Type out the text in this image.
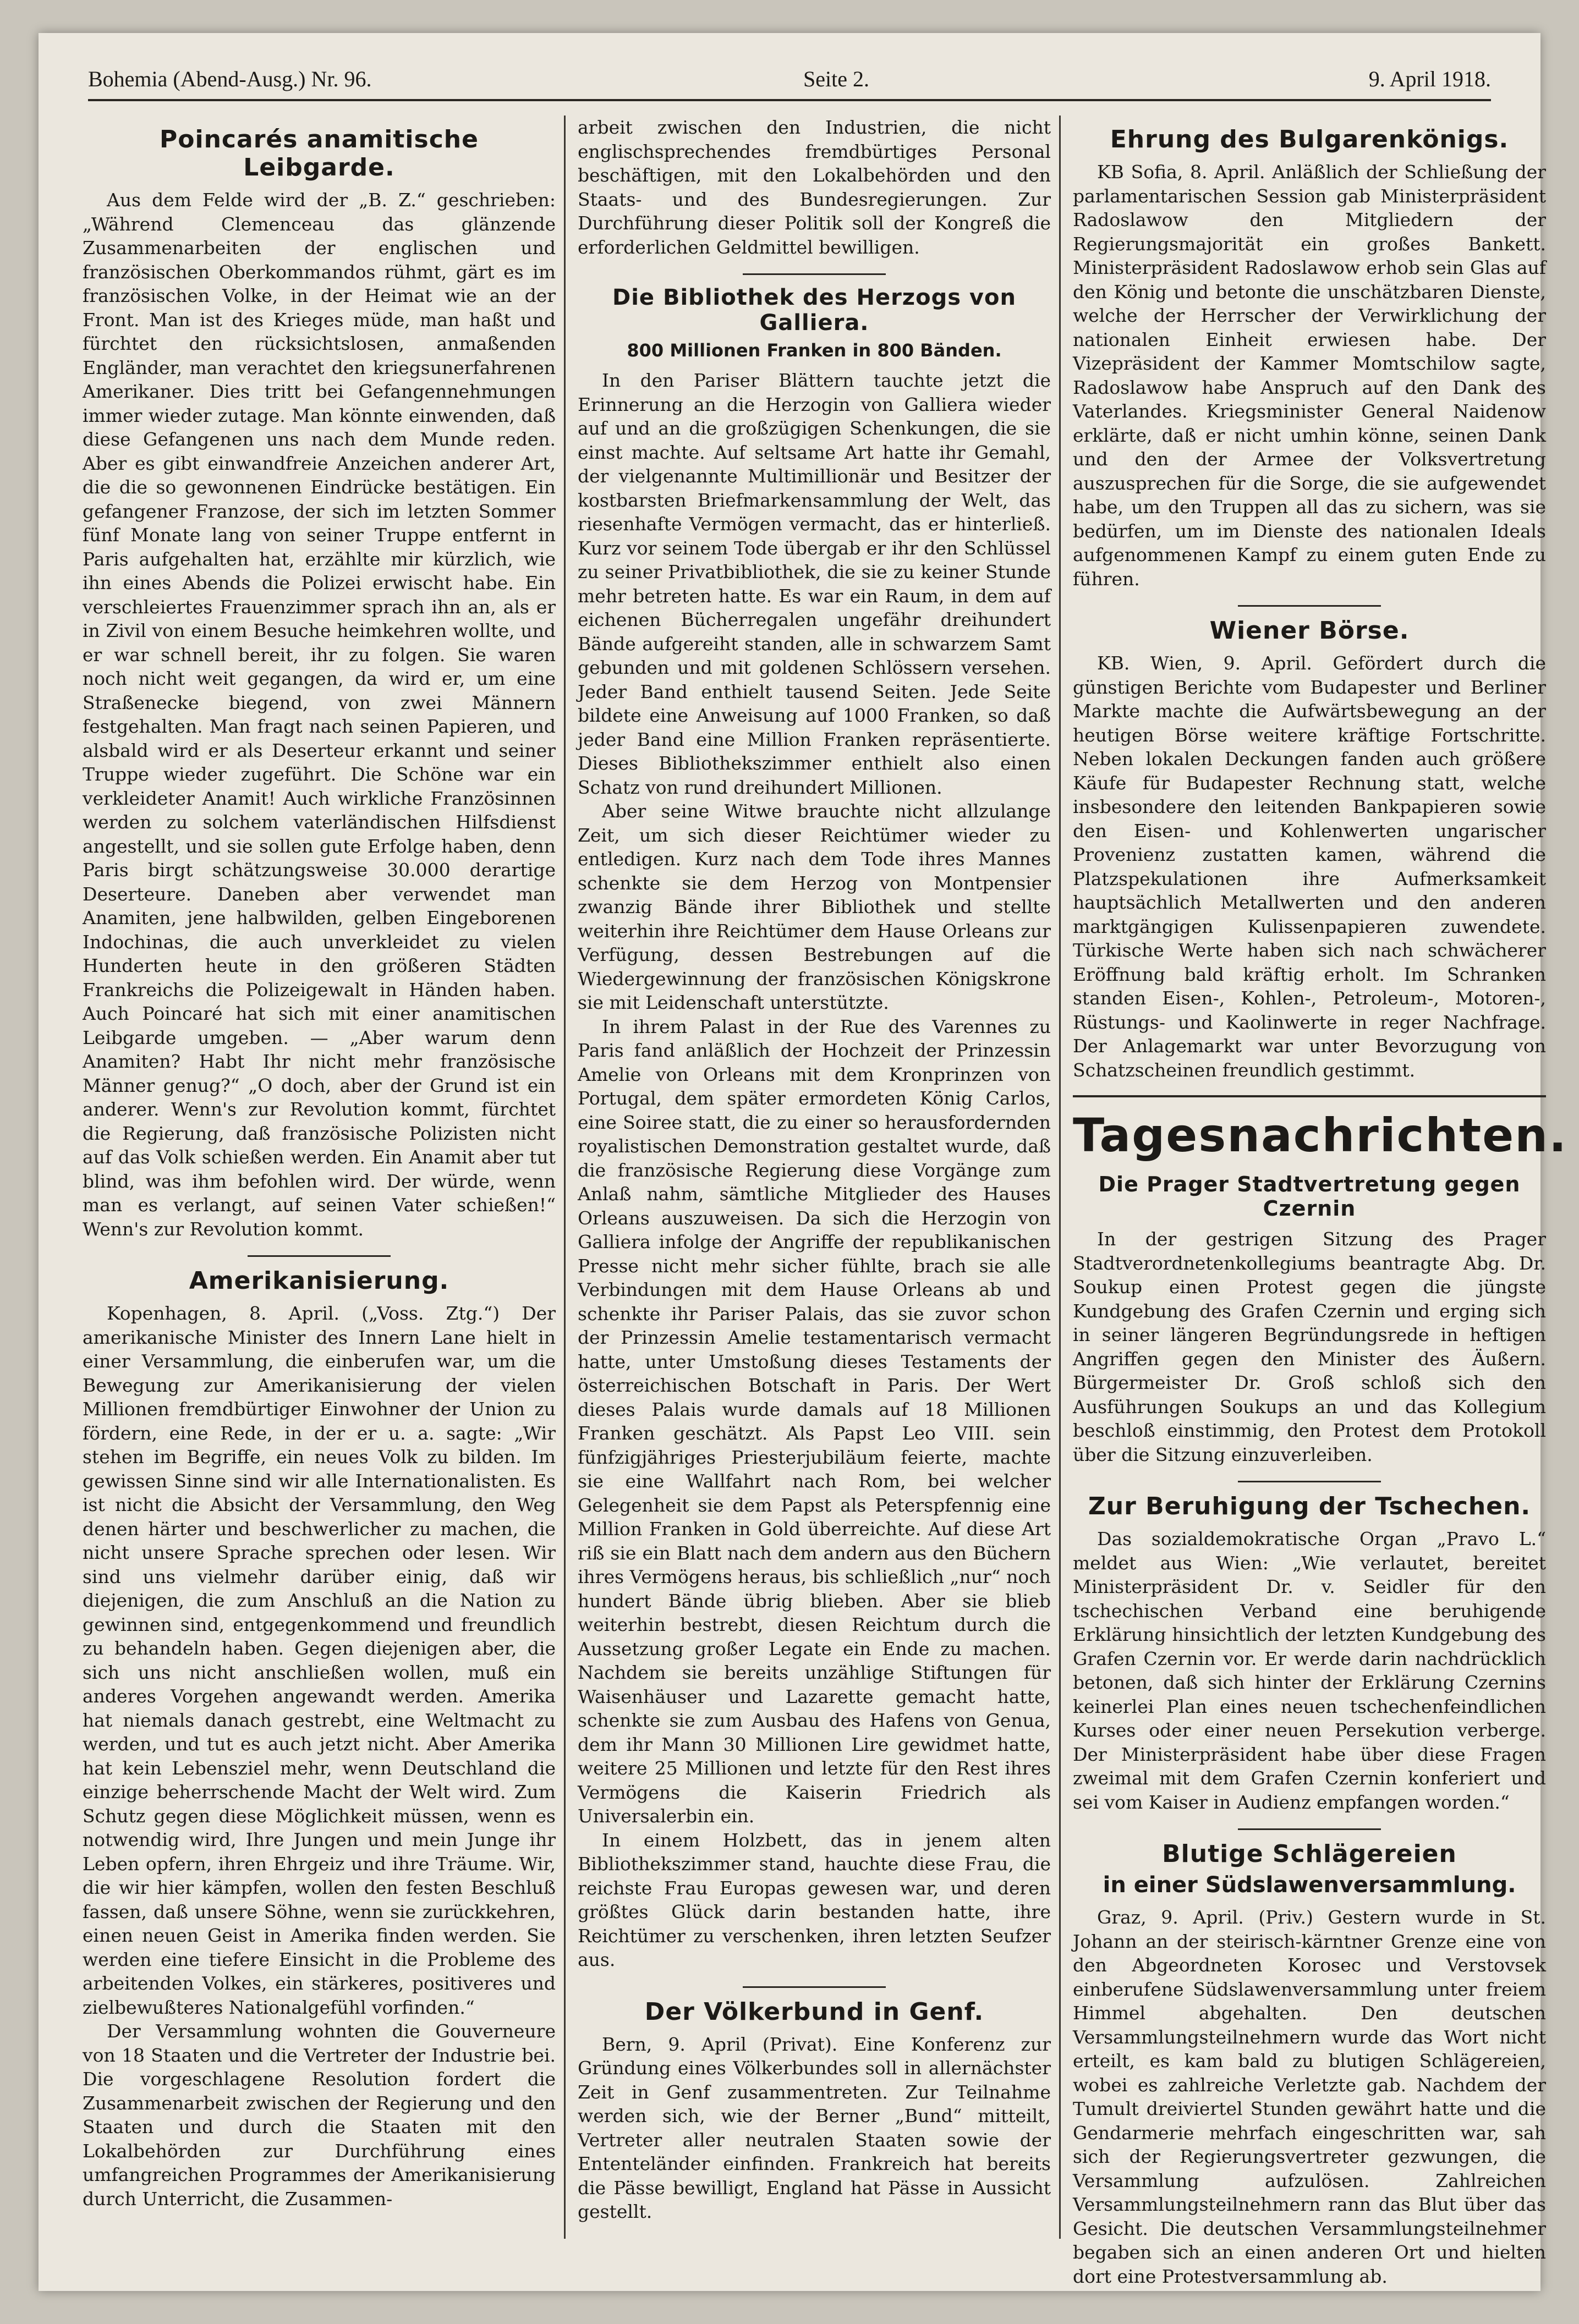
Bohemia (Abend-Ausg.) Nr. 96.	Seite 2.	9. April 1918.
Poincarés anamitische Leibgarde.

Aus dem Felde wird der „B. Z.“ geschrieben: „Während Clemenceau das glänzende Zusammenarbeiten der englischen und französischen Oberkommandos rühmt, gärt es im französischen Volke, in der Heimat wie an der Front. Man ist des Krieges müde, man haßt und fürchtet den rücksichtslosen, anmaßenden Engländer, man verachtet den kriegsunerfahrenen Amerikaner. Dies tritt bei Gefangennehmungen immer wieder zutage. Man könnte einwenden, daß diese Gefangenen uns nach dem Munde reden. Aber es gibt einwandfreie Anzeichen anderer Art, die die so gewonnenen Eindrücke bestätigen. Ein gefangener Franzose, der sich im letzten Sommer fünf Monate lang von seiner Truppe entfernt in Paris aufgehalten hat, erzählte mir kürzlich, wie ihn eines Abends die Polizei erwischt habe. Ein verschleiertes Frauenzimmer sprach ihn an, als er in Zivil von einem Besuche heimkehren wollte, und er war schnell bereit, ihr zu folgen. Sie waren noch nicht weit gegangen, da wird er, um eine Straßenecke biegend, von zwei Männern festgehalten. Man fragt nach seinen Papieren, und alsbald wird er als Deserteur erkannt und seiner Truppe wieder zugeführt. Die Schöne war ein verkleideter Anamit! Auch wirkliche Französinnen werden zu solchem vaterländischen Hilfsdienst angestellt, und sie sollen gute Erfolge haben, denn Paris birgt schätzungsweise 30.000 derartige Deserteure. Daneben aber verwendet man Anamiten, jene halbwilden, gelben Eingeborenen Indochinas, die auch unverkleidet zu vielen Hunderten heute in den größeren Städten Frankreichs die Polizeigewalt in Händen haben. Auch Poincaré hat sich mit einer anamitischen Leibgarde umgeben. — „Aber warum denn Anamiten? Habt Ihr nicht mehr französische Männer genug?“ „O doch, aber der Grund ist ein anderer. Wenn's zur Revolution kommt, fürchtet die Regierung, daß französische Polizisten nicht auf das Volk schießen werden. Ein Anamit aber tut blind, was ihm befohlen wird. Der würde, wenn man es verlangt, auf seinen Vater schießen!“ Wenn's zur Revolution kommt.

Amerikanisierung.

Kopenhagen, 8. April. („Voss. Ztg.“) Der amerikanische Minister des Innern Lane hielt in einer Versammlung, die einberufen war, um die Bewegung zur Amerikanisierung der vielen Millionen fremdbürtiger Einwohner der Union zu fördern, eine Rede, in der er u. a. sagte: „Wir stehen im Begriffe, ein neues Volk zu bilden. Im gewissen Sinne sind wir alle Internationalisten. Es ist nicht die Absicht der Versammlung, den Weg denen härter und beschwerlicher zu machen, die nicht unsere Sprache sprechen oder lesen. Wir sind uns vielmehr darüber einig, daß wir diejenigen, die zum Anschluß an die Nation zu gewinnen sind, entgegenkommend und freundlich zu behandeln haben. Gegen diejenigen aber, die sich uns nicht anschließen wollen, muß ein anderes Vorgehen angewandt werden. Amerika hat niemals danach gestrebt, eine Weltmacht zu werden, und tut es auch jetzt nicht. Aber Amerika hat kein Lebensziel mehr, wenn Deutschland die einzige beherrschende Macht der Welt wird. Zum Schutz gegen diese Möglichkeit müssen, wenn es notwendig wird, Ihre Jungen und mein Junge ihr Leben opfern, ihren Ehrgeiz und ihre Träume. Wir, die wir hier kämpfen, wollen den festen Beschluß fassen, daß unsere Söhne, wenn sie zurückkehren, einen neuen Geist in Amerika finden werden. Sie werden eine tiefere Einsicht in die Probleme des arbeitenden Volkes, ein stärkeres, positiveres und zielbewußteres Nationalgefühl vorfinden.“

Der Versammlung wohnten die Gouverneure von 18 Staaten und die Vertreter der Industrie bei. Die vorgeschlagene Resolution fordert die Zusammenarbeit zwischen der Regierung und den Staaten und durch die Staaten mit den Lokalbehörden zur Durchführung eines umfangreichen Programmes der Amerikanisierung durch Unterricht, die Zusammen-

arbeit zwischen den Industrien, die nicht englischsprechendes fremdbürtiges Personal beschäftigen, mit den Lokalbehörden und den Staats- und des Bundesregierungen. Zur Durchführung dieser Politik soll der Kongreß die erforderlichen Geldmittel bewilligen.

Die Bibliothek des Herzogs von Galliera.
800 Millionen Franken in 800 Bänden.

In den Pariser Blättern tauchte jetzt die Erinnerung an die Herzogin von Galliera wieder auf und an die großzügigen Schenkungen, die sie einst machte. Auf seltsame Art hatte ihr Gemahl, der vielgenannte Multimillionär und Besitzer der kostbarsten Briefmarkensammlung der Welt, das riesenhafte Vermögen vermacht, das er hinterließ. Kurz vor seinem Tode übergab er ihr den Schlüssel zu seiner Privatbibliothek, die sie zu keiner Stunde mehr betreten hatte. Es war ein Raum, in dem auf eichenen Bücherregalen ungefähr dreihundert Bände aufgereiht standen, alle in schwarzem Samt gebunden und mit goldenen Schlössern versehen. Jeder Band enthielt tausend Seiten. Jede Seite bildete eine Anweisung auf 1000 Franken, so daß jeder Band eine Million Franken repräsentierte. Dieses Bibliothekszimmer enthielt also einen Schatz von rund dreihundert Millionen.

Aber seine Witwe brauchte nicht allzulange Zeit, um sich dieser Reichtümer wieder zu entledigen. Kurz nach dem Tode ihres Mannes schenkte sie dem Herzog von Montpensier zwanzig Bände ihrer Bibliothek und stellte weiterhin ihre Reichtümer dem Hause Orleans zur Verfügung, dessen Bestrebungen auf die Wiedergewinnung der französischen Königskrone sie mit Leidenschaft unterstützte.

In ihrem Palast in der Rue des Varennes zu Paris fand anläßlich der Hochzeit der Prinzessin Amelie von Orleans mit dem Kronprinzen von Portugal, dem später ermordeten König Carlos, eine Soiree statt, die zu einer so herausfordernden royalistischen Demonstration gestaltet wurde, daß die französische Regierung diese Vorgänge zum Anlaß nahm, sämtliche Mitglieder des Hauses Orleans auszuweisen. Da sich die Herzogin von Galliera infolge der Angriffe der republikanischen Presse nicht mehr sicher fühlte, brach sie alle Verbindungen mit dem Hause Orleans ab und schenkte ihr Pariser Palais, das sie zuvor schon der Prinzessin Amelie testamentarisch vermacht hatte, unter Umstoßung dieses Testaments der österreichischen Botschaft in Paris. Der Wert dieses Palais wurde damals auf 18 Millionen Franken geschätzt. Als Papst Leo VIII. sein fünfzigjähriges Priesterjubiläum feierte, machte sie eine Wallfahrt nach Rom, bei welcher Gelegenheit sie dem Papst als Peterspfennig eine Million Franken in Gold überreichte. Auf diese Art riß sie ein Blatt nach dem andern aus den Büchern ihres Vermögens heraus, bis schließlich „nur“ noch hundert Bände übrig blieben. Aber sie blieb weiterhin bestrebt, diesen Reichtum durch die Aussetzung großer Legate ein Ende zu machen. Nachdem sie bereits unzählige Stiftungen für Waisenhäuser und Lazarette gemacht hatte, schenkte sie zum Ausbau des Hafens von Genua, dem ihr Mann 30 Millionen Lire gewidmet hatte, weitere 25 Millionen und letzte für den Rest ihres Vermögens die Kaiserin Friedrich als Universalerbin ein.

In einem Holzbett, das in jenem alten Bibliothekszimmer stand, hauchte diese Frau, die reichste Frau Europas gewesen war, und deren größtes Glück darin bestanden hatte, ihre Reichtümer zu verschenken, ihren letzten Seufzer aus.

Der Völkerbund in Genf.

Bern, 9. April (Privat). Eine Konferenz zur Gründung eines Völkerbundes soll in allernächster Zeit in Genf zusammentreten. Zur Teilnahme werden sich, wie der Berner „Bund“ mitteilt, Vertreter aller neutralen Staaten sowie der Ententeländer einfinden. Frankreich hat bereits die Pässe bewilligt, England hat Pässe in Aussicht gestellt.

Ehrung des Bulgarenkönigs.

KB Sofia, 8. April. Anläßlich der Schließung der parlamentarischen Session gab Ministerpräsident Radoslawow den Mitgliedern der Regierungsmajorität ein großes Bankett. Ministerpräsident Radoslawow erhob sein Glas auf den König und betonte die unschätzbaren Dienste, welche der Herrscher der Verwirklichung der nationalen Einheit erwiesen habe. Der Vizepräsident der Kammer Momtschilow sagte, Radoslawow habe Anspruch auf den Dank des Vaterlandes. Kriegsminister General Naidenow erklärte, daß er nicht umhin könne, seinen Dank und den der Armee der Volksvertretung auszusprechen für die Sorge, die sie aufgewendet habe, um den Truppen all das zu sichern, was sie bedürfen, um im Dienste des nationalen Ideals aufgenommenen Kampf zu einem guten Ende zu führen.

Wiener Börse.

KB. Wien, 9. April. Gefördert durch die günstigen Berichte vom Budapester und Berliner Markte machte die Aufwärtsbewegung an der heutigen Börse weitere kräftige Fortschritte. Neben lokalen Deckungen fanden auch größere Käufe für Budapester Rechnung statt, welche insbesondere den leitenden Bankpapieren sowie den Eisen- und Kohlenwerten ungarischer Provenienz zustatten kamen, während die Platzspekulationen ihre Aufmerksamkeit hauptsächlich Metallwerten und den anderen marktgängigen Kulissenpapieren zuwendete. Türkische Werte haben sich nach schwächerer Eröffnung bald kräftig erholt. Im Schranken standen Eisen-, Kohlen-, Petroleum-, Motoren-, Rüstungs- und Kaolinwerte in reger Nachfrage. Der Anlagemarkt war unter Bevorzugung von Schatzscheinen freundlich gestimmt.

Tagesnachrichten.
Die Prager Stadtvertretung gegen Czernin

In der gestrigen Sitzung des Prager Stadtverordnetenkollegiums beantragte Abg. Dr. Soukup einen Protest gegen die jüngste Kundgebung des Grafen Czernin und erging sich in seiner längeren Begründungsrede in heftigen Angriffen gegen den Minister des Äußern. Bürgermeister Dr. Groß schloß sich den Ausführungen Soukups an und das Kollegium beschloß einstimmig, den Protest dem Protokoll über die Sitzung einzuverleiben.

Zur Beruhigung der Tschechen.

Das sozialdemokratische Organ „Pravo L.“ meldet aus Wien: „Wie verlautet, bereitet Ministerpräsident Dr. v. Seidler für den tschechischen Verband eine beruhigende Erklärung hinsichtlich der letzten Kundgebung des Grafen Czernin vor. Er werde darin nachdrücklich betonen, daß sich hinter der Erklärung Czernins keinerlei Plan eines neuen tschechenfeindlichen Kurses oder einer neuen Persekution verberge. Der Ministerpräsident habe über diese Fragen zweimal mit dem Grafen Czernin konferiert und sei vom Kaiser in Audienz empfangen worden.“

Blutige Schlägereien
in einer Südslawenversammlung.

Graz, 9. April. (Priv.) Gestern wurde in St. Johann an der steirisch-kärntner Grenze eine von den Abgeordneten Korosec und Verstovsek einberufene Südslawenversammlung unter freiem Himmel abgehalten. Den deutschen Versammlungsteilnehmern wurde das Wort nicht erteilt, es kam bald zu blutigen Schlägereien, wobei es zahlreiche Verletzte gab. Nachdem der Tumult dreiviertel Stunden gewährt hatte und die Gendarmerie mehrfach eingeschritten war, sah sich der Regierungsvertreter gezwungen, die Versammlung aufzulösen. Zahlreichen Versammlungsteilnehmern rann das Blut über das Gesicht. Die deutschen Versammlungsteilnehmer begaben sich an einen anderen Ort und hielten dort eine Protestversammlung ab.
